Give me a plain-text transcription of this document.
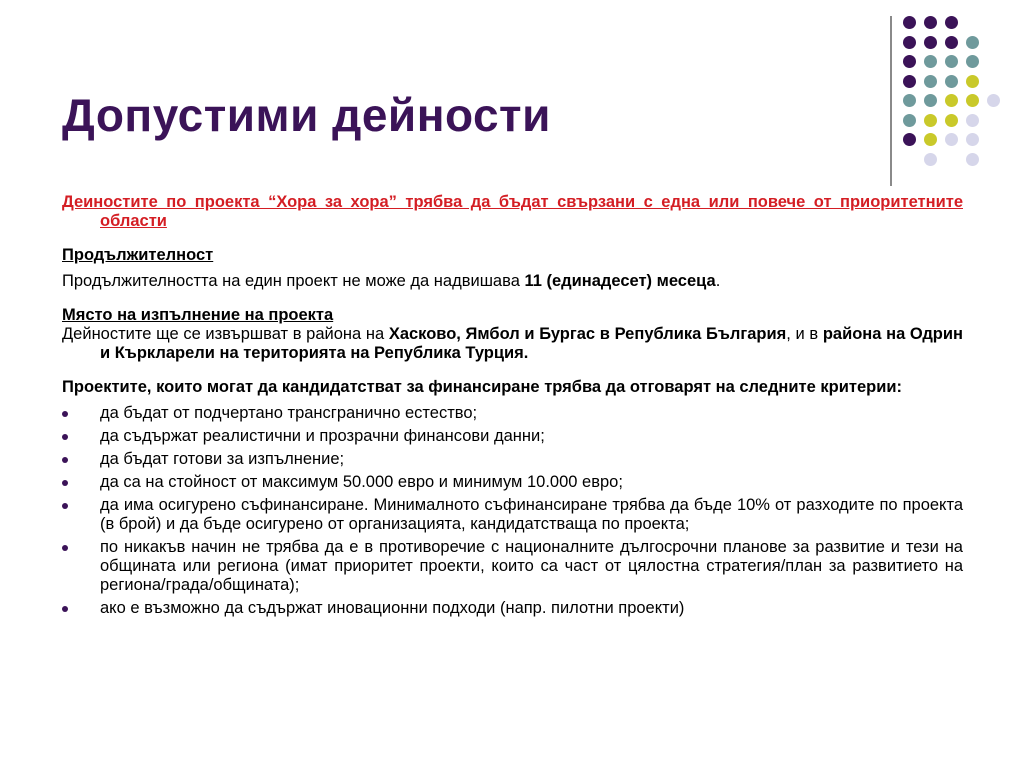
Допустими дейности

Деиностите по проекта “Хора за хора” трябва да бъдат свързани с една или повече от приоритетните области

Продължителност

Продължителността на един проект не може да надвишава 11 (единадесет) месеца.

Място на изпълнение на проекта

Дейностите ще се извършват в района на Хасково, Ямбол и Бургас в Република България, и в района на Одрин и Къркларели на територията на Република Турция.

Проектите, които могат да кандидатстват за финансиране трябва да отговарят на следните критерии:

да бъдат от подчертано трансгранично естество;
да съдържат реалистични и прозрачни финансови данни;
да бъдат готови за изпълнение;
да са на стойност от максимум 50.000 евро и минимум 10.000 евро;
да има осигурено съфинансиране. Минималното съфинансиране трябва да бъде 10% от разходите по проекта (в брой) и да бъде осигурено от организацията, кандидатстваща по проекта;
по никакъв начин не трябва да е в противоречие с националните дългосрочни планове за развитие и тези на общината или региона (имат приоритет проекти, които са част от цялостна стратегия/план за развитието на региона/града/общината);
ако е възможно да съдържат иновационни подходи (напр. пилотни проекти)
